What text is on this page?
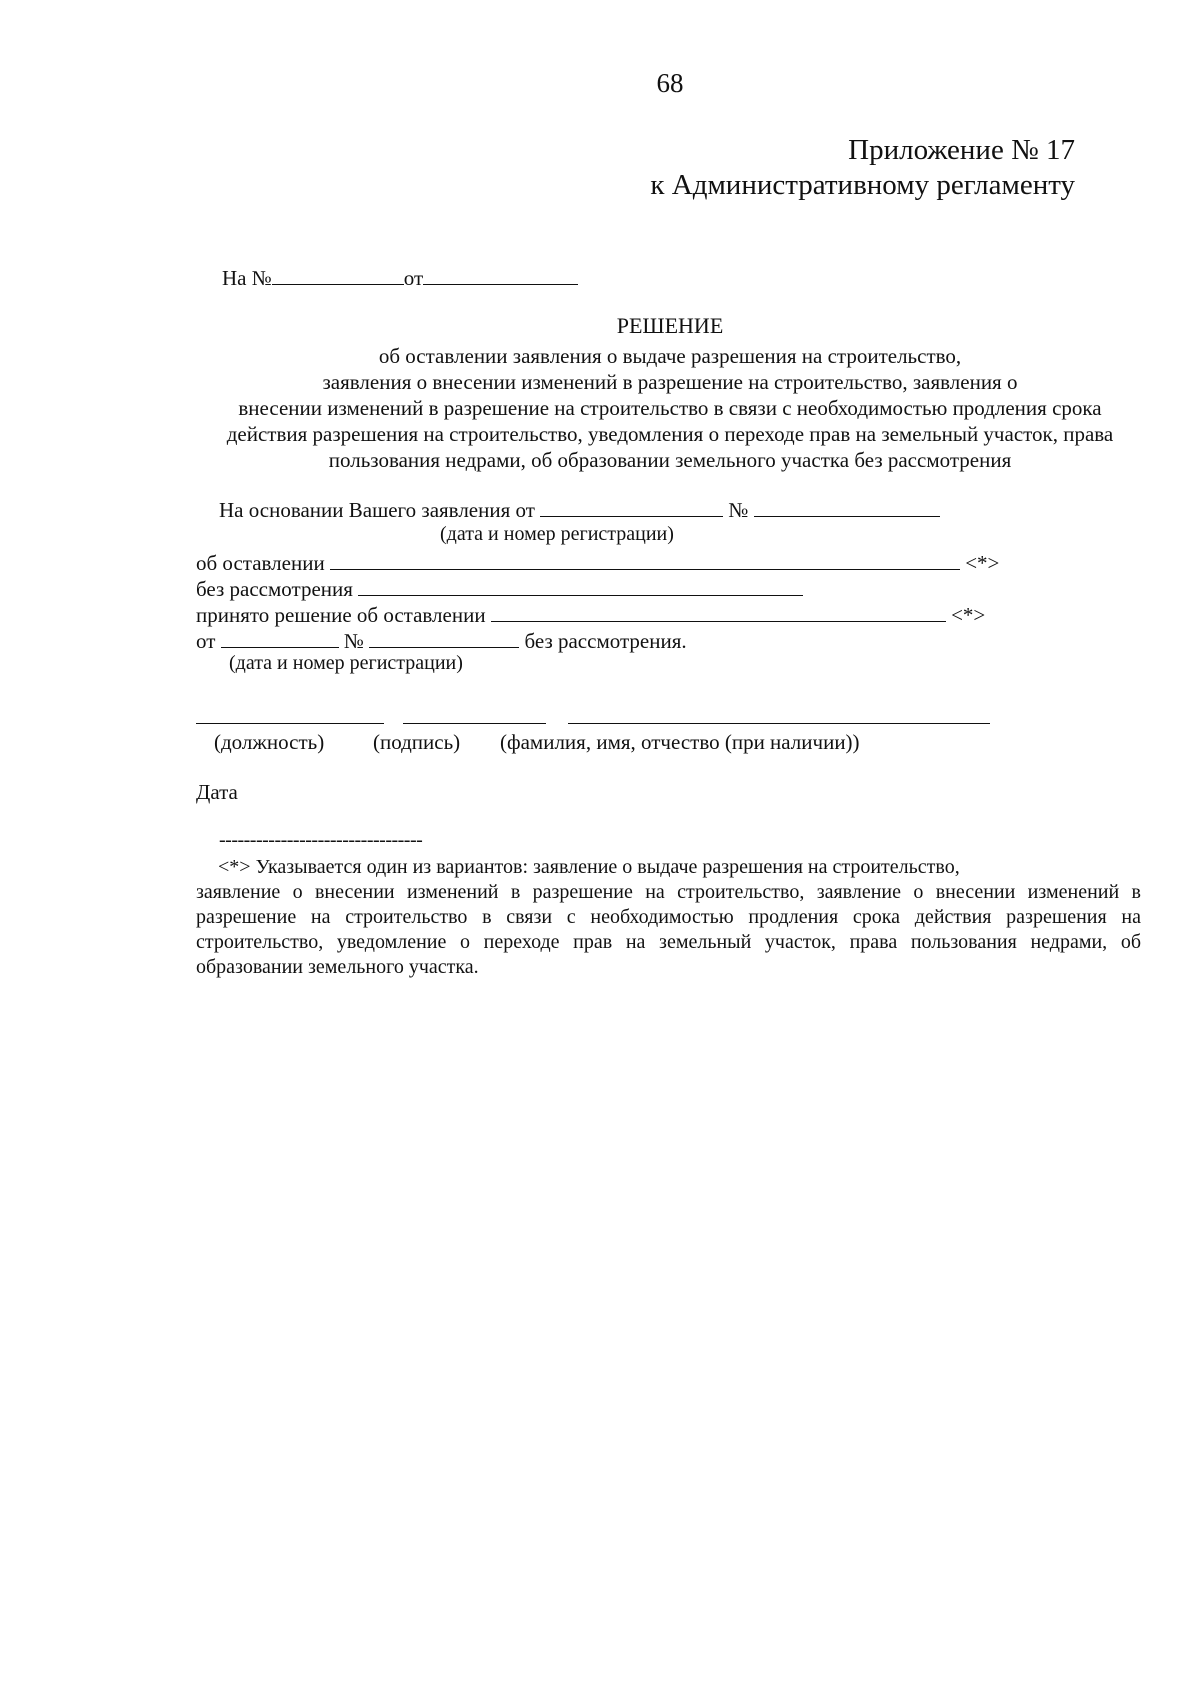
68
Приложение № 17
к Административному регламенту
На №	от
РЕШЕНИЕ
об оставлении заявления о выдаче разрешения на строительство,
заявления о внесении изменений в разрешение на строительство, заявления о
внесении изменений в разрешение на строительство в связи с необходимостью продления срока
действия разрешения на строительство, уведомления о переходе прав на земельный участок, права
пользования недрами, об образовании земельного участка без рассмотрения
На основании Вашего заявления от	№
(дата и номер регистрации)
об оставлении	<*>
без рассмотрения
принято решение об оставлении	<*>
от	№	без рассмотрения.
(дата и номер регистрации)
(должность) (подпись) (фамилия, имя, отчество (при наличии))
Дата
---------------------------------

<*> Указывается один из вариантов: заявление о выдаче разрешения на строительство,

заявление о внесении изменений в разрешение на строительство, заявление о внесении изменений в разрешение на строительство в связи с необходимостью продления срока действия разрешения на строительство, уведомление о переходе прав на земельный участок, права пользования недрами, об образовании земельного участка.
